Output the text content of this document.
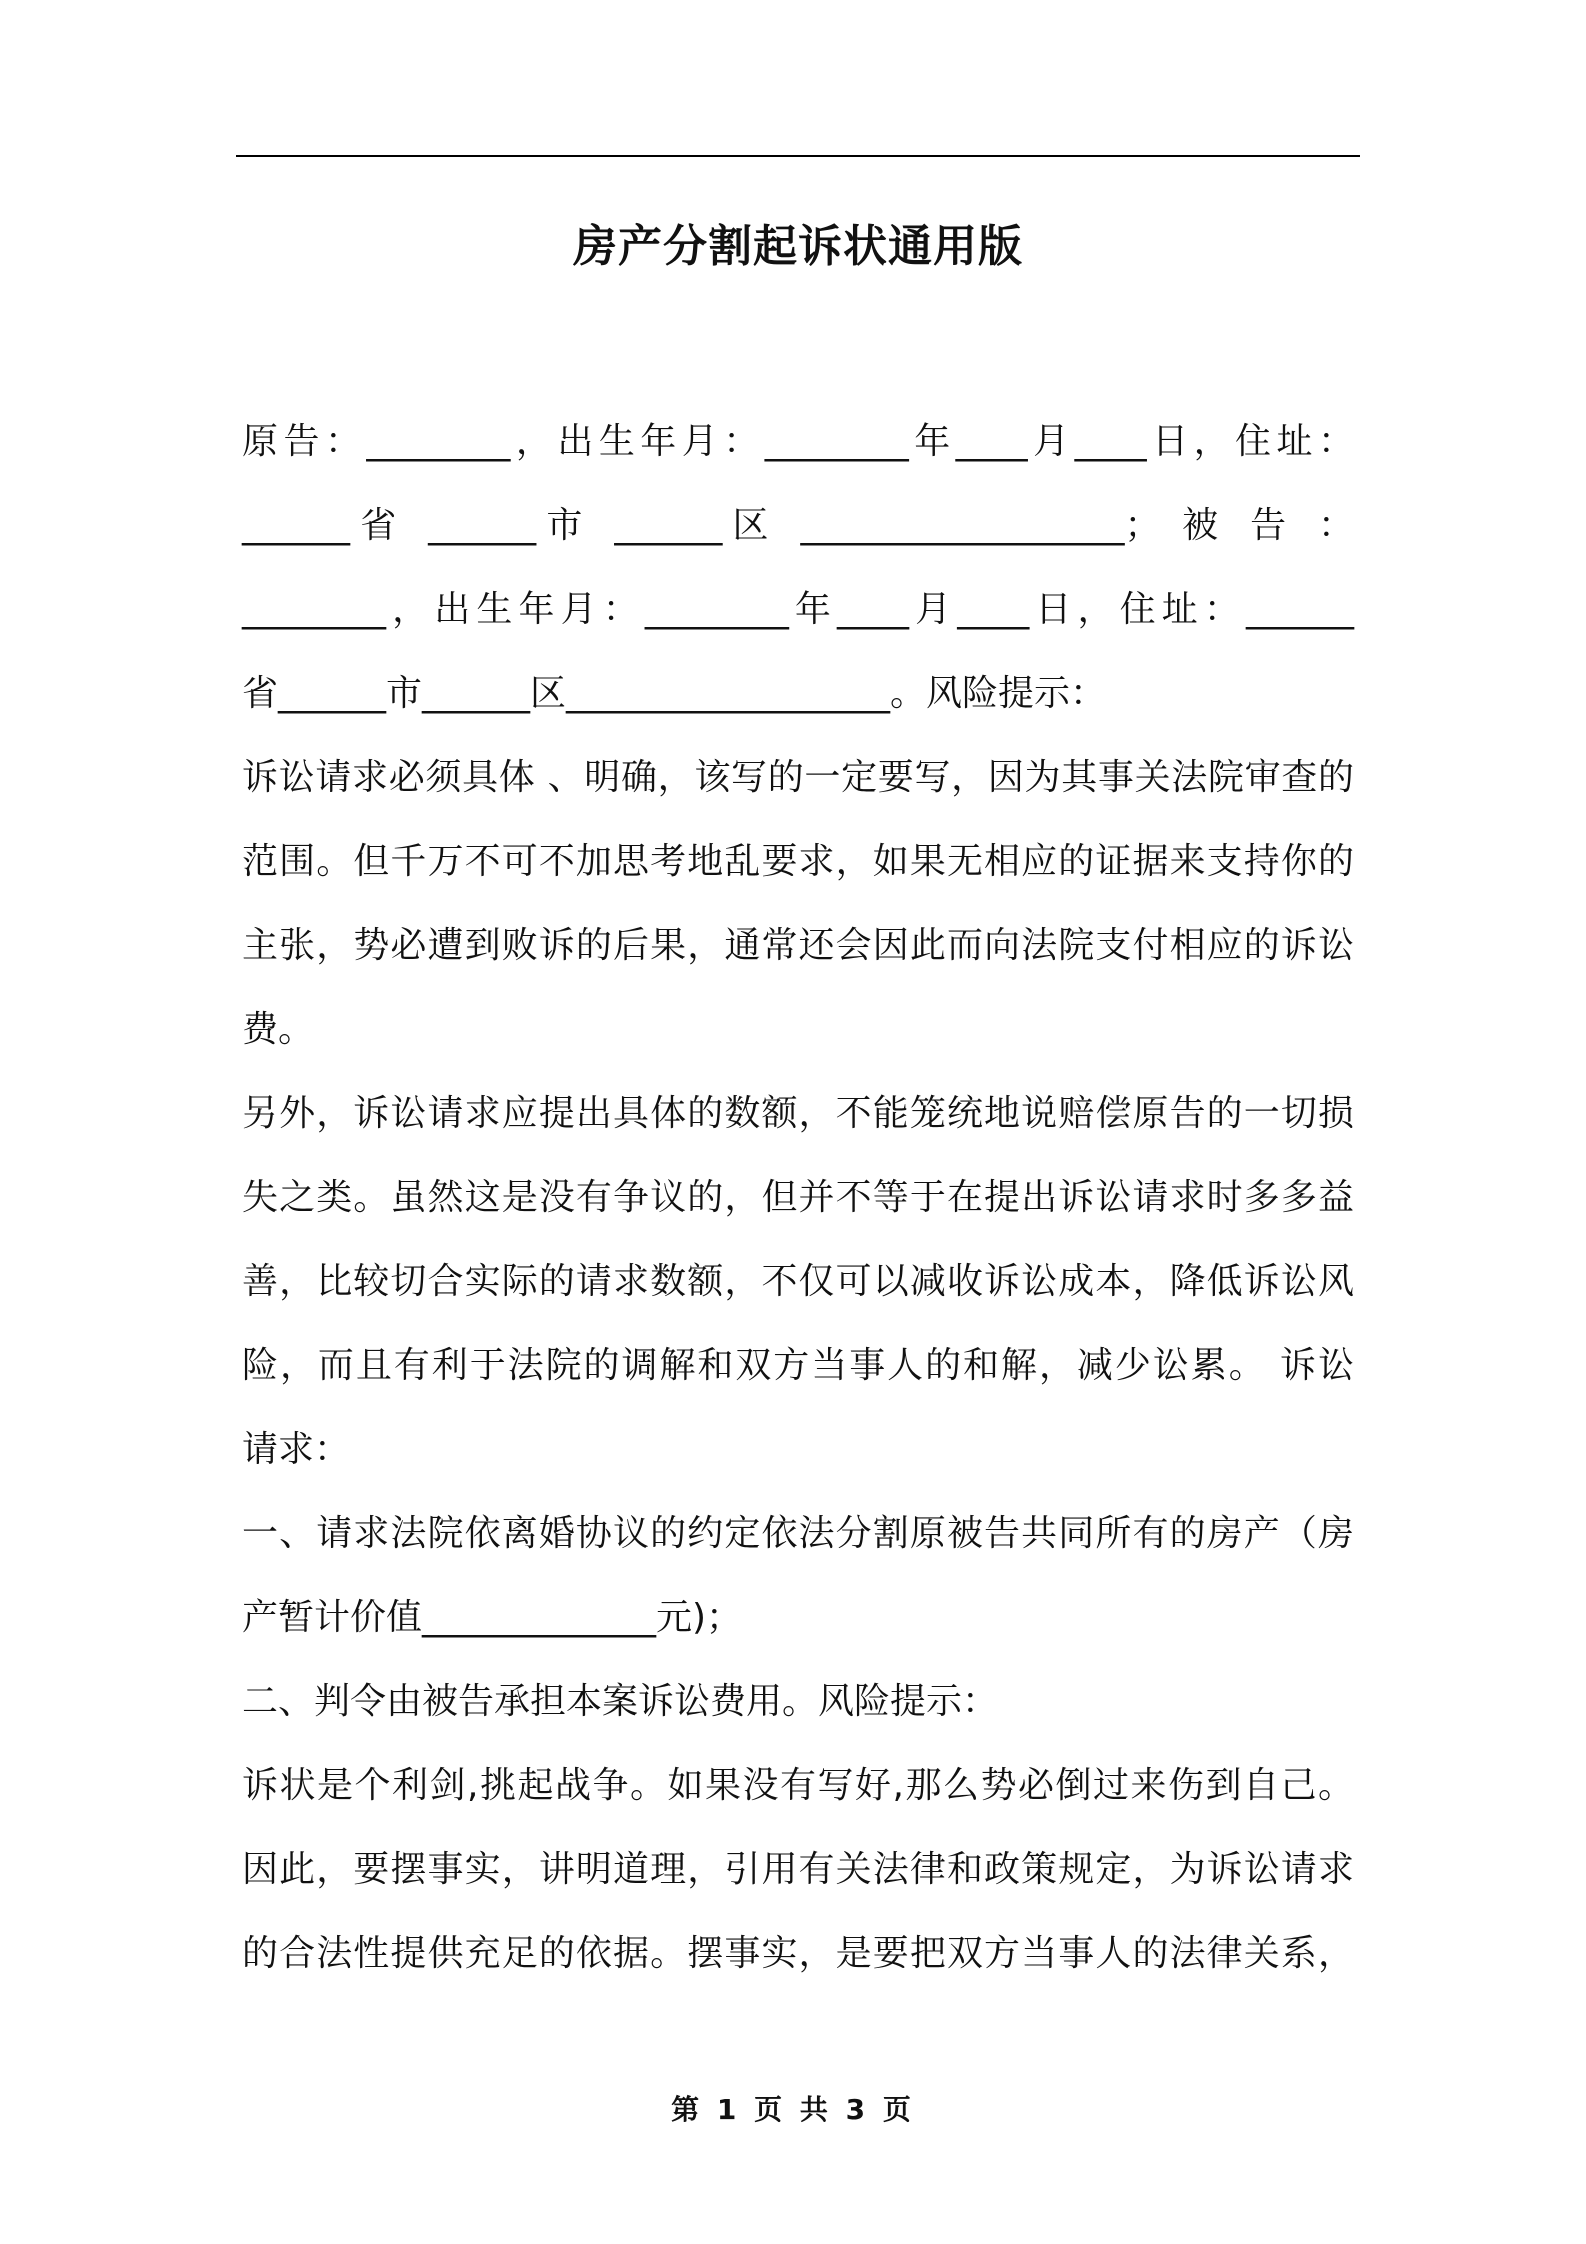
房产分割起诉状通用版
原告：________，出生年月：________年____月____日，住址：
______省 ______市 ______区 __________________； 被 告 ：
________，出生年月：________年____月____日，住址：______
省______市______区__________________。风险提示：
诉讼请求必须具体 、明确，该写的一定要写，因为其事关法院审查的
范围。但千万不可不加思考地乱要求，如果无相应的证据来支持你的
主张，势必遭到败诉的后果，通常还会因此而向法院支付相应的诉讼
费。
另外，诉讼请求应提出具体的数额，不能笼统地说赔偿原告的一切损
失之类。虽然这是没有争议的，但并不等于在提出诉讼请求时多多益
善，比较切合实际的请求数额，不仅可以减收诉讼成本，降低诉讼风
险，而且有利于法院的调解和双方当事人的和解，减少讼累。 诉讼
请求：
一、请求法院依离婚协议的约定依法分割原被告共同所有的房产（房
产暂计价值_____________元)；
二、判令由被告承担本案诉讼费用。风险提示：
诉状是个利剑,挑起战争。如果没有写好,那么势必倒过来伤到自己。
因此，要摆事实，讲明道理，引用有关法律和政策规定，为诉讼请求
的合法性提供充足的依据。摆事实，是要把双方当事人的法律关系，
第 1 页 共 3 页
